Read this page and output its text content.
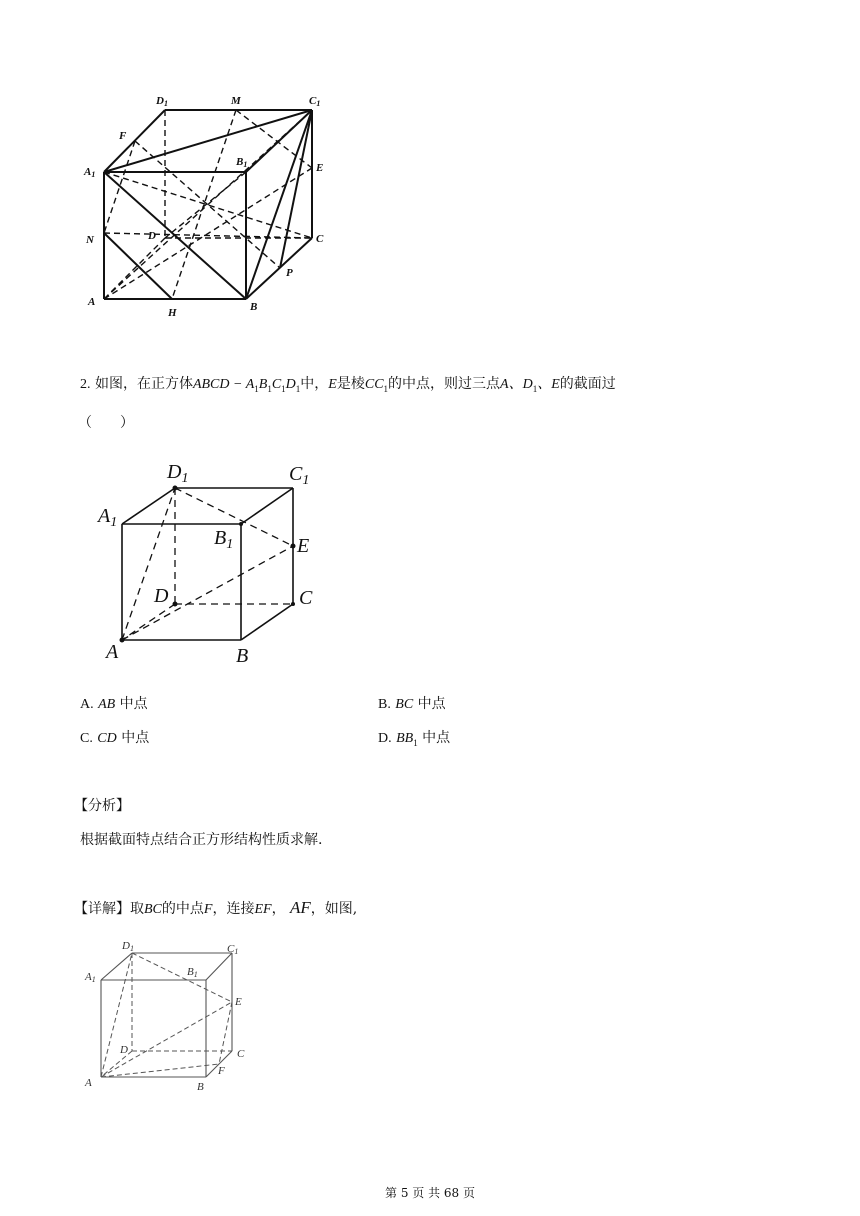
D1	M	C1
F
A1
B1	E
N	D	C
P
A
H	B
2. 如图，在正方体ABCD − $A_1B_1C_1D_1$中，E是棱$CC_1$的中点，则过三点A、$D_1$、E的截面过
（　　）
$D_1$	$C_1$
$A_1$
$B_1$	E
D	C
A	B
A. AB 中点	B. BC 中点
C. CD 中点	D. $BB_1$ 中点
【分析】
根据截面特点结合正方形结构性质求解.
【详解】取BC的中点F，连接EF， AF，如图,
D1	C1
A1
B1
E
D	C
F
A	B
第 5 页 共 68 页
